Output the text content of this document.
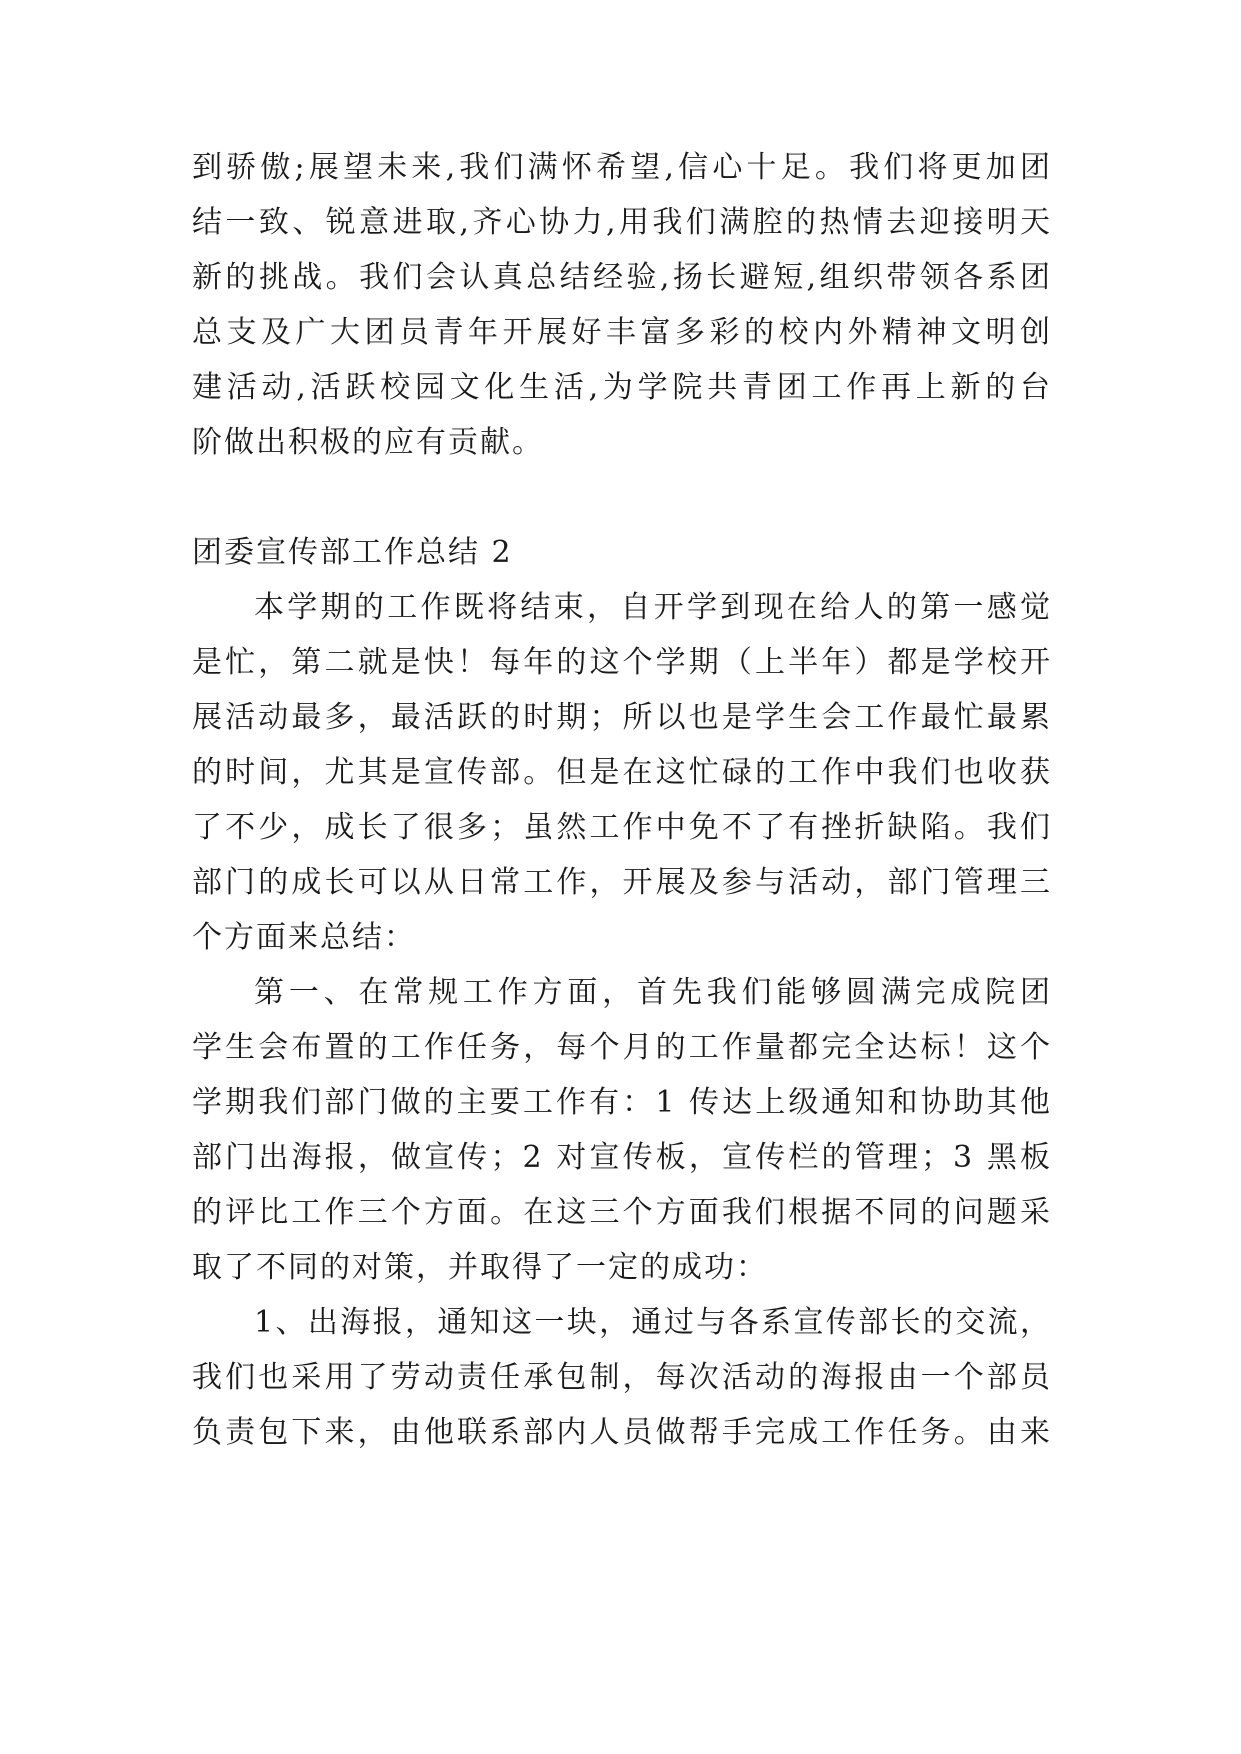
到骄傲;展望未来,我们满怀希望,信心十足。我们将更加团
结一致、锐意进取,齐心协力,用我们满腔的热情去迎接明天
新的挑战。我们会认真总结经验,扬长避短,组织带领各系团
总支及广大团员青年开展好丰富多彩的校内外精神文明创
建活动,活跃校园文化生活,为学院共青团工作再上新的台
阶做出积极的应有贡献。
团委宣传部工作总结 2
本学期的工作既将结束，自开学到现在给人的第一感觉
是忙，第二就是快！每年的这个学期（上半年）都是学校开
展活动最多，最活跃的时期；所以也是学生会工作最忙最累
的时间，尤其是宣传部。但是在这忙碌的工作中我们也收获
了不少，成长了很多；虽然工作中免不了有挫折缺陷。我们
部门的成长可以从日常工作，开展及参与活动，部门管理三
个方面来总结：
第一、在常规工作方面，首先我们能够圆满完成院团
学生会布置的工作任务，每个月的工作量都完全达标！这个
学期我们部门做的主要工作有：1 传达上级通知和协助其他
部门出海报，做宣传；2 对宣传板，宣传栏的管理；3 黑板
的评比工作三个方面。在这三个方面我们根据不同的问题采
取了不同的对策，并取得了一定的成功：
1、出海报，通知这一块，通过与各系宣传部长的交流，
我们也采用了劳动责任承包制，每次活动的海报由一个部员
负责包下来，由他联系部内人员做帮手完成工作任务。由来
